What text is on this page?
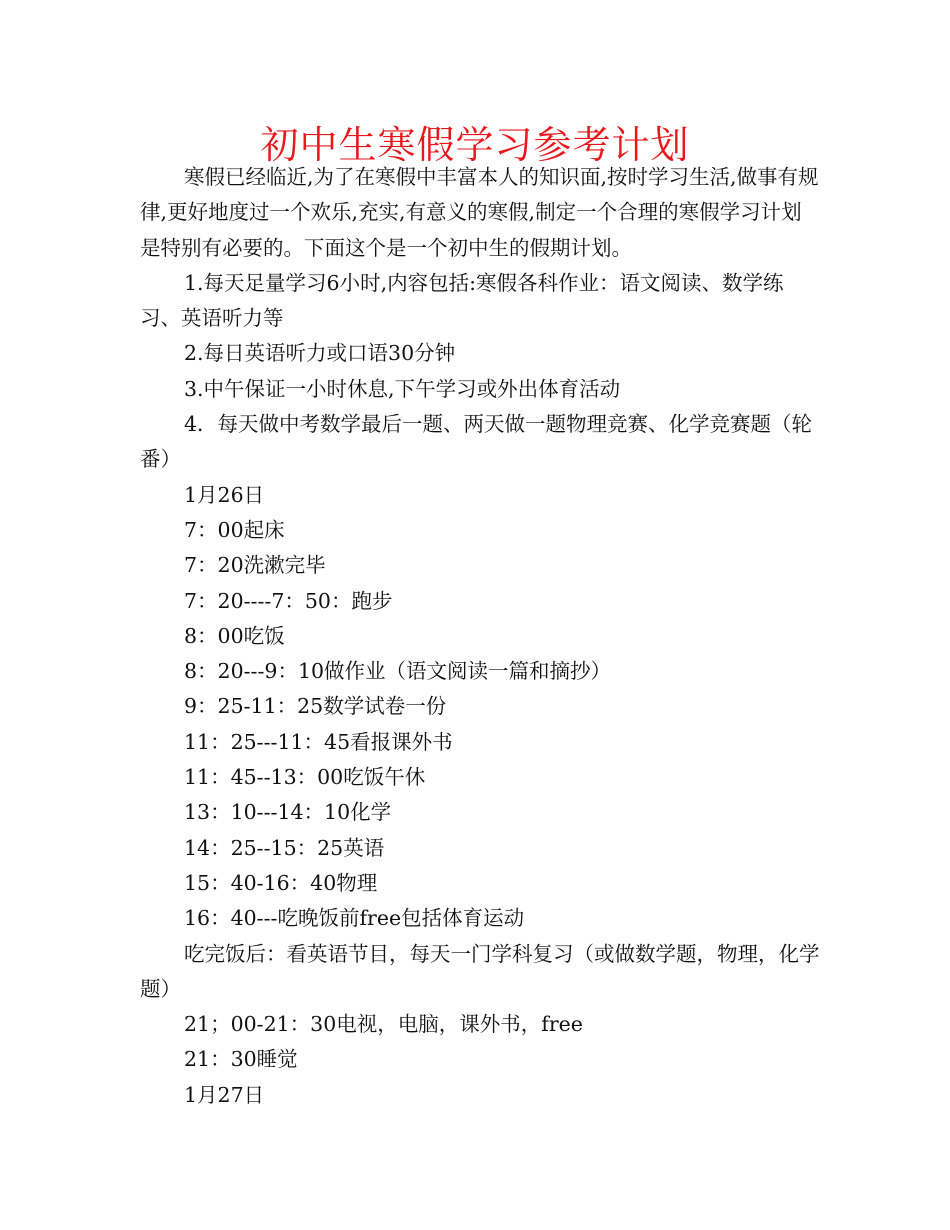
初中生寒假学习参考计划

寒假已经临近,为了在寒假中丰富本人的知识面,按时学习生活,做事有规律,更好地度过一个欢乐,充实,有意义的寒假,制定一个合理的寒假学习计划是特别有必要的。下面这个是一个初中生的假期计划。

1.每天足量学习6小时,内容包括:寒假各科作业：语文阅读、数学练习、英语听力等

2.每日英语听力或口语30分钟

3.中午保证一小时休息,下午学习或外出体育活动

4．每天做中考数学最后一题、两天做一题物理竞赛、化学竞赛题（轮番）

1月26日

7：00起床

7：20洗漱完毕

7：20----7：50：跑步

8：00吃饭

8：20---9：10做作业（语文阅读一篇和摘抄）

9：25-11：25数学试卷一份

11：25---11：45看报课外书

11：45--13：00吃饭午休

13：10---14：10化学

14：25--15：25英语

15：40-16：40物理

16：40---吃晚饭前free包括体育运动

吃完饭后：看英语节目，每天一门学科复习（或做数学题，物理，化学题）

21；00-21：30电视，电脑，课外书，free

21：30睡觉

1月27日
